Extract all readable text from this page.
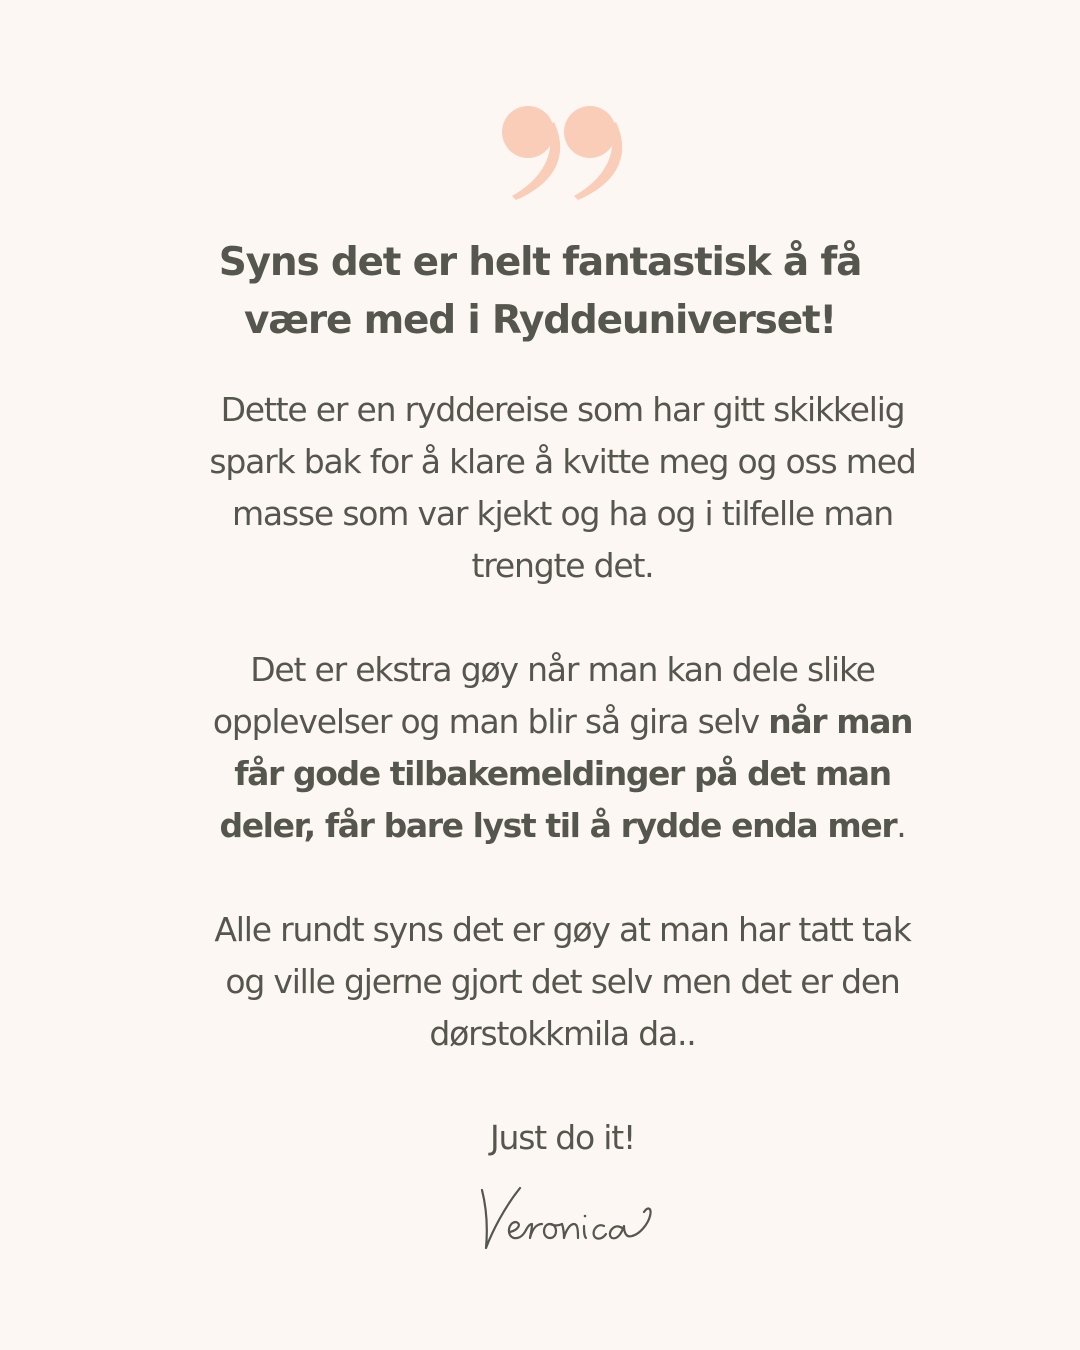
Syns det er helt fantastisk å få
være med i Ryddeuniverset!

Dette er en ryddereise som har gitt skikkelig
spark bak for å klare å kvitte meg og oss med
masse som var kjekt og ha og i tilfelle man
trengte det.

Det er ekstra gøy når man kan dele slike
opplevelser og man blir så gira selv når man
får gode tilbakemeldinger på det man
deler, får bare lyst til å rydde enda mer.

Alle rundt syns det er gøy at man har tatt tak
og ville gjerne gjort det selv men det er den
dørstokkmila da..

Just do it!
